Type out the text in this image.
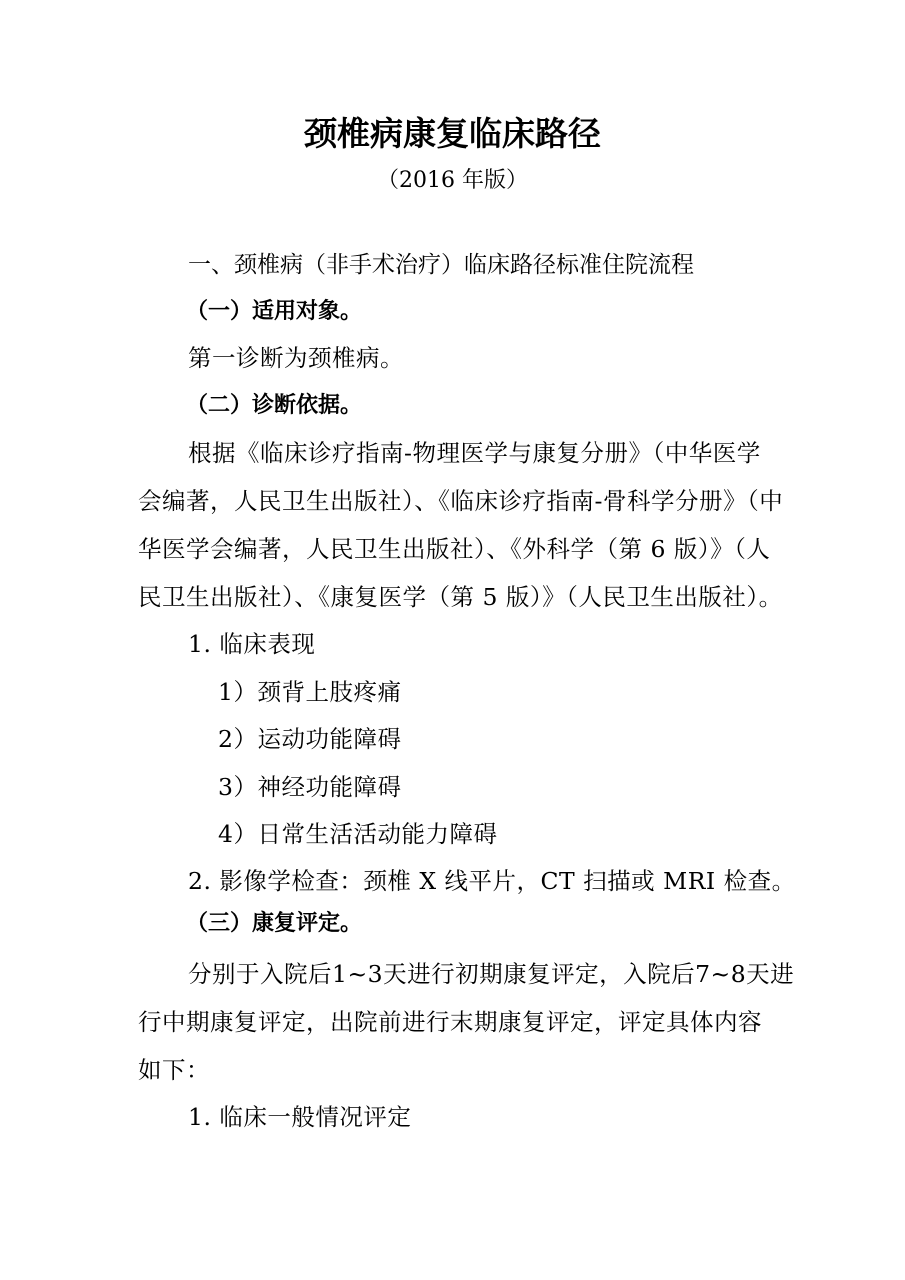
颈椎病康复临床路径

（2016 年版）

一、颈椎病（非手术治疗）临床路径标准住院流程

（一）适用对象。

第一诊断为颈椎病。

（二）诊断依据。

根据《临床诊疗指南-物理医学与康复分册》（中华医学

会编著，人民卫生出版社）、《临床诊疗指南-骨科学分册》（中

华医学会编著，人民卫生出版社）、《外科学（第 6 版）》（人

民卫生出版社）、《康复医学（第 5 版）》（人民卫生出版社）。

1. 临床表现

1）颈背上肢疼痛

2）运动功能障碍

3）神经功能障碍

4）日常生活活动能力障碍

2. 影像学检查：颈椎 X 线平片，CT 扫描或 MRI 检查。

（三）康复评定。

分别于入院后1~3天进行初期康复评定，入院后7~8天进

行中期康复评定，出院前进行末期康复评定，评定具体内容

如下：

1. 临床一般情况评定
